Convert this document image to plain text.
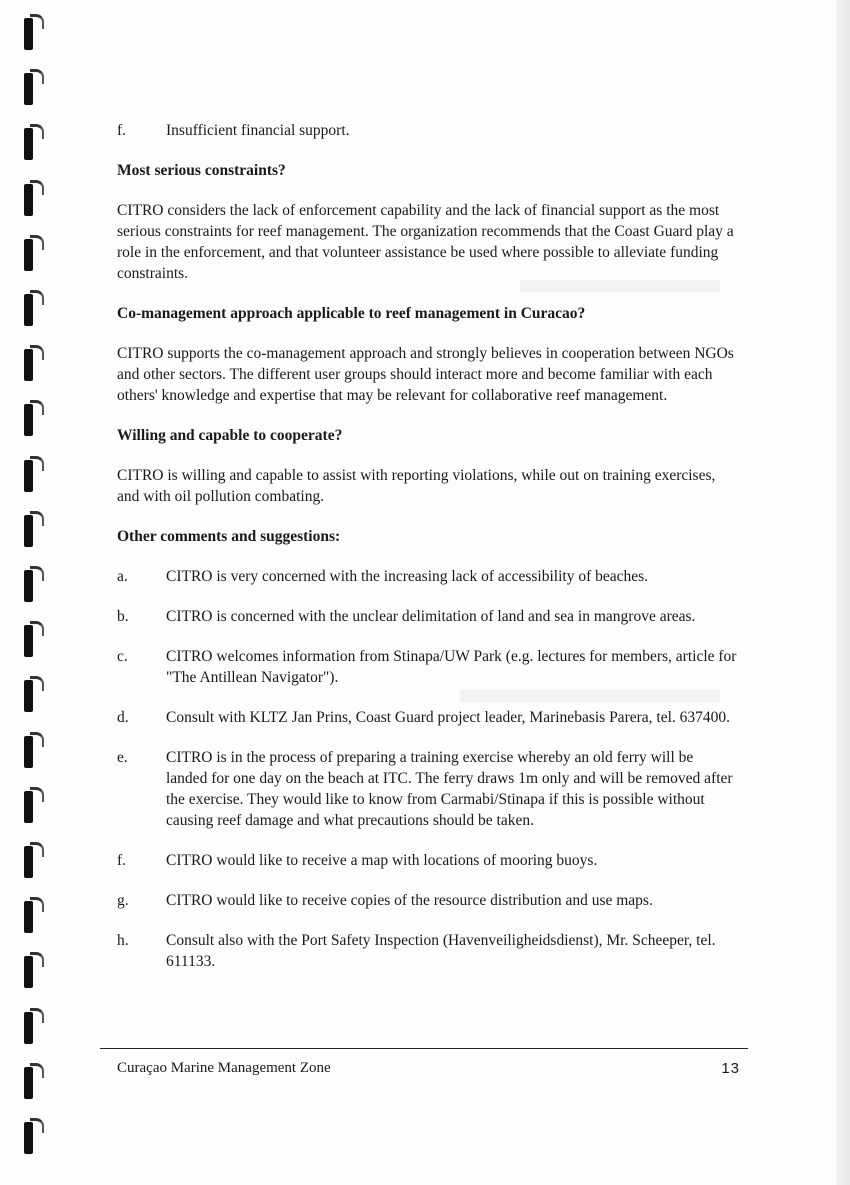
f.	Insufficient financial support.

Most serious constraints?

CITRO considers the lack of enforcement capability and the lack of financial support as the most serious constraints for reef management. The organization recommends that the Coast Guard play a role in the enforcement, and that volunteer assistance be used where possible to alleviate funding constraints.

Co-management approach applicable to reef management in Curacao?

CITRO supports the co-management approach and strongly believes in cooperation between NGOs and other sectors. The different user groups should interact more and become familiar with each others' knowledge and expertise that may be relevant for collaborative reef management.

Willing and capable to cooperate?

CITRO is willing and capable to assist with reporting violations, while out on training exercises, and with oil pollution combating.

Other comments and suggestions:

a. CITRO is very concerned with the increasing lack of accessibility of beaches.
b. CITRO is concerned with the unclear delimitation of land and sea in mangrove areas.
c. CITRO welcomes information from Stinapa/UW Park (e.g. lectures for members, article for "The Antillean Navigator").
d. Consult with KLTZ Jan Prins, Coast Guard project leader, Marinebasis Parera, tel. 637400.
e. CITRO is in the process of preparing a training exercise whereby an old ferry will be landed for one day on the beach at ITC. The ferry draws 1m only and will be removed after the exercise. They would like to know from Carmabi/Stinapa if this is possible without causing reef damage and what precautions should be taken.
f.	CITRO would like to receive a map with locations of mooring buoys.
g. CITRO would like to receive copies of the resource distribution and use maps.
h. Consult also with the Port Safety Inspection (Havenveiligheidsdienst), Mr. Scheeper, tel. 611133.
Curaçao Marine Management Zone	13
